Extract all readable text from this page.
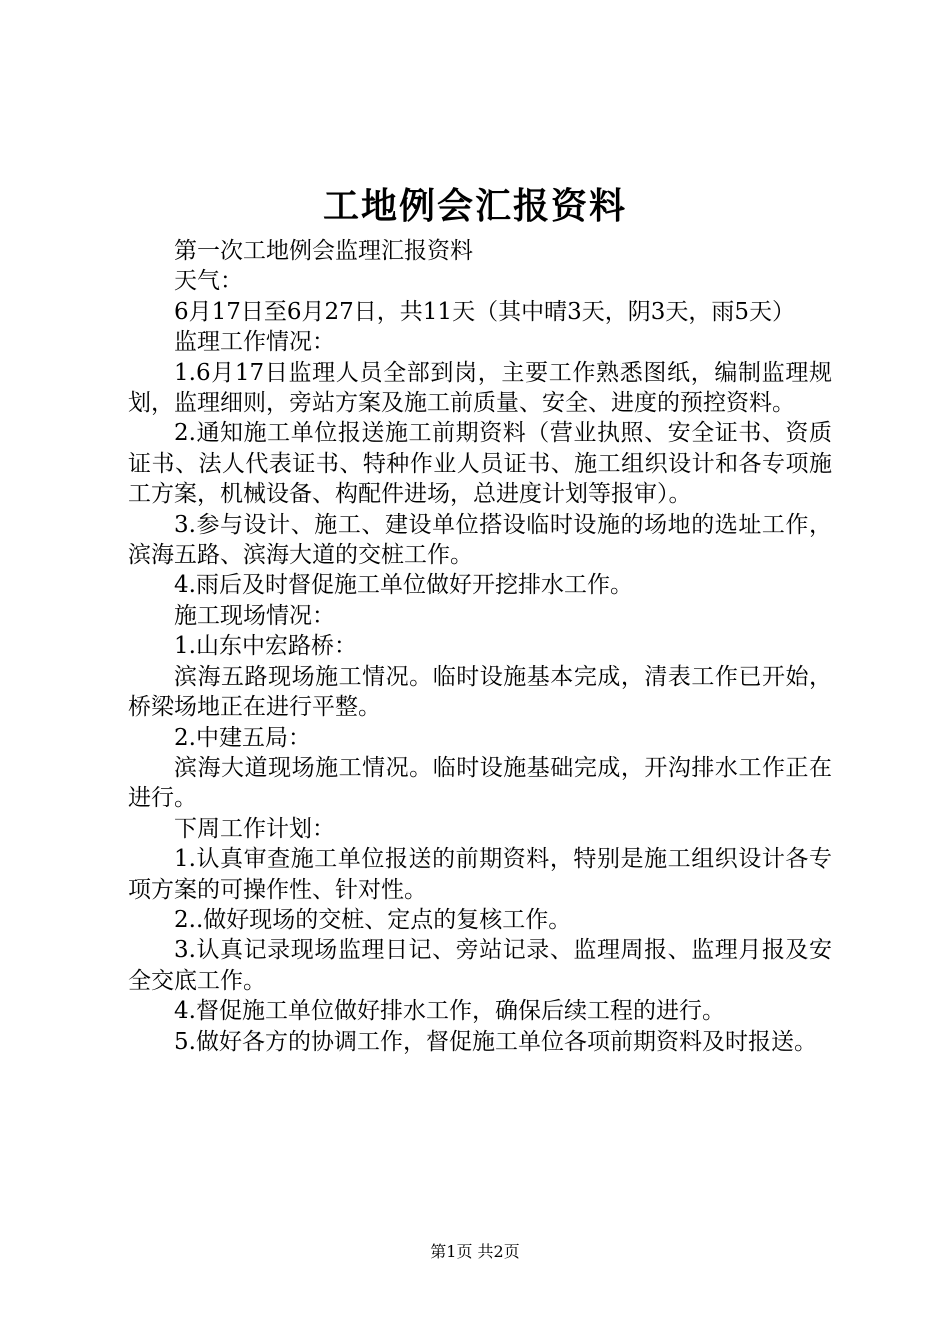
工地例会汇报资料

第一次工地例会监理汇报资料

天气：

6月17日至6月27日，共11天（其中晴3天，阴3天，雨5天）

监理工作情况：

1.6月17日监理人员全部到岗，主要工作熟悉图纸，编制监理规划，监理细则，旁站方案及施工前质量、安全、进度的预控资料。

2.通知施工单位报送施工前期资料（营业执照、安全证书、资质证书、法人代表证书、特种作业人员证书、施工组织设计和各专项施工方案，机械设备、构配件进场，总进度计划等报审）。

3.参与设计、施工、建设单位搭设临时设施的场地的选址工作，滨海五路、滨海大道的交桩工作。

4.雨后及时督促施工单位做好开挖排水工作。

施工现场情况：

1.山东中宏路桥：

滨海五路现场施工情况。临时设施基本完成，清表工作已开始，桥梁场地正在进行平整。

2.中建五局：

滨海大道现场施工情况。临时设施基础完成，开沟排水工作正在进行。

下周工作计划：

1.认真审查施工单位报送的前期资料，特别是施工组织设计各专项方案的可操作性、针对性。

2..做好现场的交桩、定点的复核工作。

3.认真记录现场监理日记、旁站记录、监理周报、监理月报及安全交底工作。

4.督促施工单位做好排水工作，确保后续工程的进行。

5.做好各方的协调工作，督促施工单位各项前期资料及时报送。

第1页 共2页
